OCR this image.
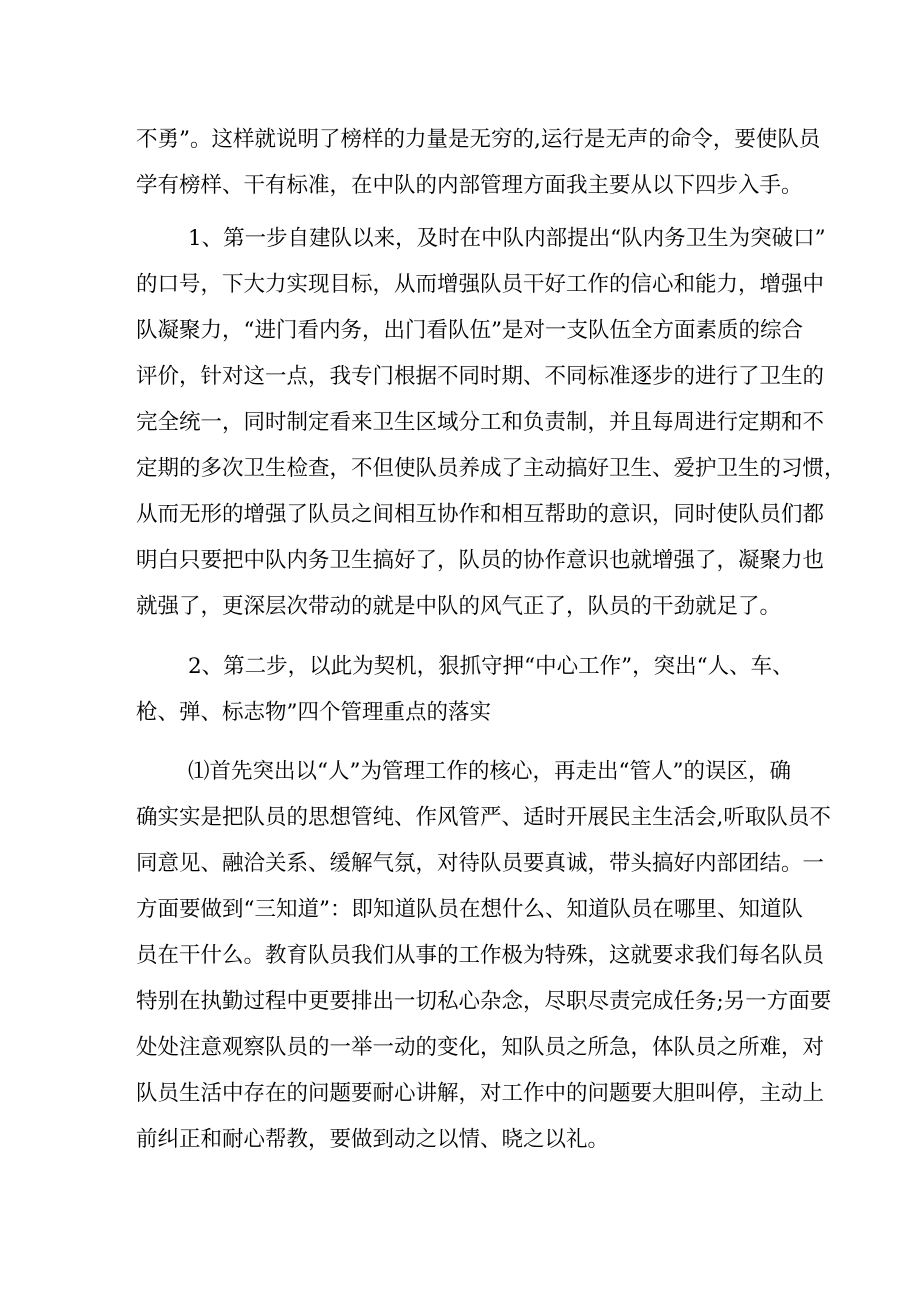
不勇”。这样就说明了榜样的力量是无穷的,运行是无声的命令，要使队员
学有榜样、干有标准，在中队的内部管理方面我主要从以下四步入手。
1、第一步自建队以来，及时在中队内部提出“队内务卫生为突破口”
的口号，下大力实现目标，从而增强队员干好工作的信心和能力，增强中
队凝聚力，“进门看内务，出门看队伍”是对一支队伍全方面素质的综合
评价，针对这一点，我专门根据不同时期、不同标准逐步的进行了卫生的
完全统一，同时制定看来卫生区域分工和负责制，并且每周进行定期和不
定期的多次卫生检查，不但使队员养成了主动搞好卫生、爱护卫生的习惯，
从而无形的增强了队员之间相互协作和相互帮助的意识，同时使队员们都
明白只要把中队内务卫生搞好了，队员的协作意识也就增强了，凝聚力也
就强了，更深层次带动的就是中队的风气正了，队员的干劲就足了。
2、第二步，以此为契机，狠抓守押“中心工作”，突出“人、车、
枪、弹、标志物”四个管理重点的落实
⑴首先突出以“人”为管理工作的核心，再走出“管人”的误区，确
确实实是把队员的思想管纯、作风管严、适时开展民主生活会,听取队员不
同意见、融洽关系、缓解气氛，对待队员要真诚，带头搞好内部团结。一
方面要做到“三知道”：即知道队员在想什么、知道队员在哪里、知道队
员在干什么。教育队员我们从事的工作极为特殊，这就要求我们每名队员
特别在执勤过程中更要排出一切私心杂念，尽职尽责完成任务;另一方面要
处处注意观察队员的一举一动的变化，知队员之所急，体队员之所难，对
队员生活中存在的问题要耐心讲解，对工作中的问题要大胆叫停，主动上
前纠正和耐心帮教，要做到动之以情、晓之以礼。
